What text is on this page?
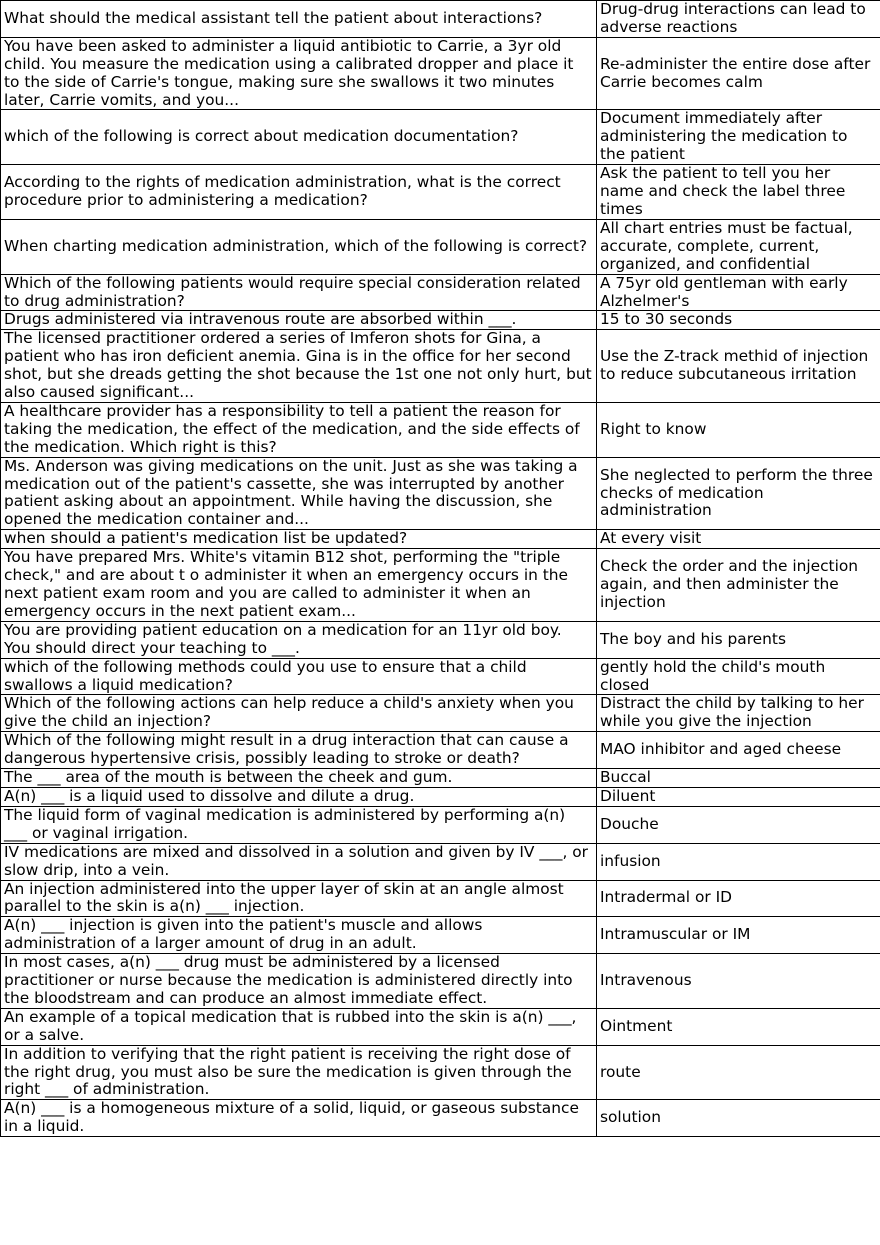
What should the medical assistant tell the patient about interactions?	Drug-drug interactions can lead to adverse reactions
You have been asked to administer a liquid antibiotic to Carrie, a 3yr old child. You measure the medication using a calibrated dropper and place it to the side of Carrie's tongue, making sure she swallows it two minutes later, Carrie vomits, and you...	Re-administer the entire dose after Carrie becomes calm
which of the following is correct about medication documentation?	Document immediately after administering the medication to the patient
According to the rights of medication administration, what is the correct procedure prior to administering a medication?	Ask the patient to tell you her name and check the label three times
When charting medication administration, which of the following is correct?	All chart entries must be factual, accurate, complete, current, organized, and confidential
Which of the following patients would require special consideration related to drug administration?	A 75yr old gentleman with early Alzhelmer's
Drugs administered via intravenous route are absorbed within ___.	15 to 30 seconds
The licensed practitioner ordered a series of Imferon shots for Gina, a patient who has iron deficient anemia. Gina is in the office for her second shot, but she dreads getting the shot because the 1st one not only hurt, but also caused significant...	Use the Z-track methid of injection to reduce subcutaneous irritation
A healthcare provider has a responsibility to tell a patient the reason for taking the medication, the effect of the medication, and the side effects of the medication. Which right is this?	Right to know
Ms. Anderson was giving medications on the unit. Just as she was taking a medication out of the patient's cassette, she was interrupted by another patient asking about an appointment. While having the discussion, she opened the medication container and...	She neglected to perform the three checks of medication administration
when should a patient's medication list be updated?	At every visit
You have prepared Mrs. White's vitamin B12 shot, performing the "triple check," and are about t o administer it when an emergency occurs in the next patient exam room and you are called to administer it when an emergency occurs in the next patient exam...	Check the order and the injection again, and then administer the injection
You are providing patient education on a medication for an 11yr old boy. You should direct your teaching to ___.	The boy and his parents
which of the following methods could you use to ensure that a child swallows a liquid medication?	gently hold the child's mouth closed
Which of the following actions can help reduce a child's anxiety when you give the child an injection?	Distract the child by talking to her while you give the injection
Which of the following might result in a drug interaction that can cause a dangerous hypertensive crisis, possibly leading to stroke or death?	MAO inhibitor and aged cheese
The ___ area of the mouth is between the cheek and gum.	Buccal
A(n) ___ is a liquid used to dissolve and dilute a drug.	Diluent
The liquid form of vaginal medication is administered by performing a(n) ___ or vaginal irrigation.	Douche
IV medications are mixed and dissolved in a solution and given by IV ___, or slow drip, into a vein.	infusion
An injection administered into the upper layer of skin at an angle almost parallel to the skin is a(n) ___ injection.	Intradermal or ID
A(n) ___ injection is given into the patient's muscle and allows administration of a larger amount of drug in an adult.	Intramuscular or IM
In most cases, a(n) ___ drug must be administered by a licensed practitioner or nurse because the medication is administered directly into the bloodstream and can produce an almost immediate effect.	Intravenous
An example of a topical medication that is rubbed into the skin is a(n) ___, or a salve.	Ointment
In addition to verifying that the right patient is receiving the right dose of the right drug, you must also be sure the medication is given through the right ___ of administration.	route
A(n) ___ is a homogeneous mixture of a solid, liquid, or gaseous substance in a liquid.	solution
